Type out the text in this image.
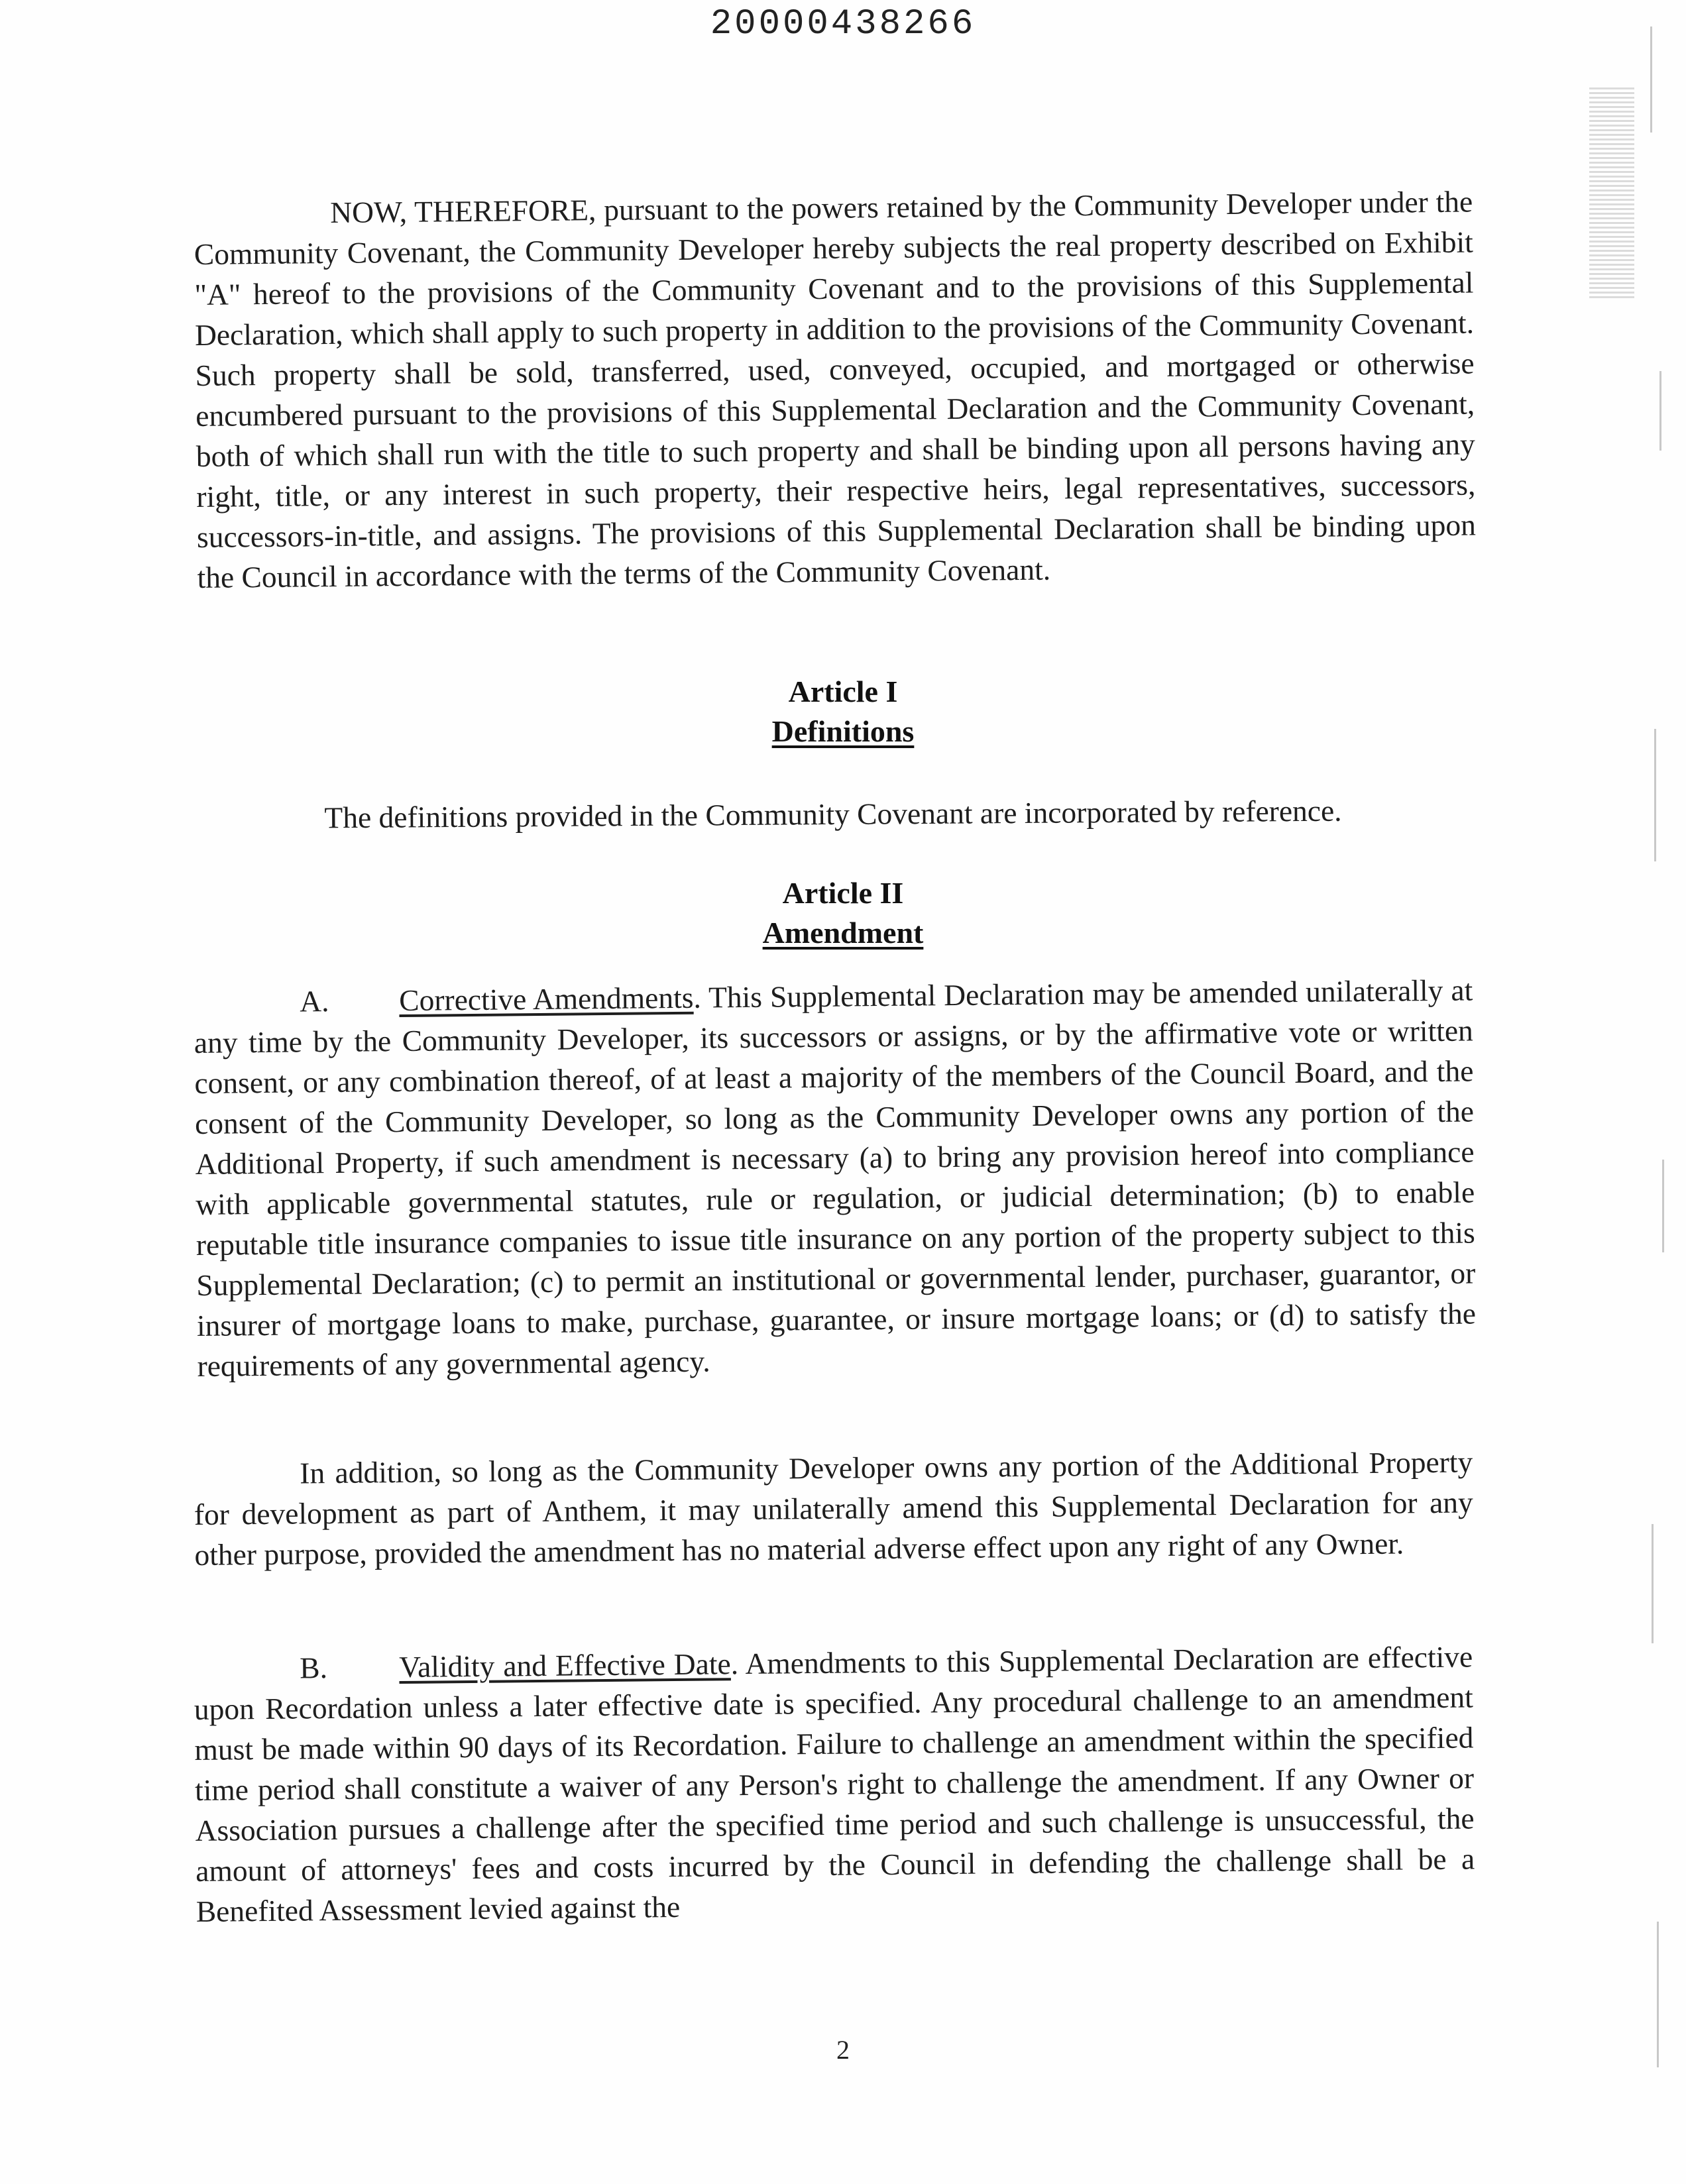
20000438266
NOW, THEREFORE, pursuant to the powers retained by the Community Developer under the Community Covenant, the Community Developer hereby subjects the real property described on Exhibit "A" hereof to the provisions of the Community Covenant and to the provisions of this Supplemental Declaration, which shall apply to such property in addition to the provisions of the Community Covenant. Such property shall be sold, transferred, used, conveyed, occupied, and mortgaged or otherwise encumbered pursuant to the provisions of this Supplemental Declaration and the Community Covenant, both of which shall run with the title to such property and shall be binding upon all persons having any right, title, or any interest in such property, their respective heirs, legal representatives, successors, successors-in-title, and assigns. The provisions of this Supplemental Declaration shall be binding upon the Council in accordance with the terms of the Community Covenant.
Article I
Definitions
The definitions provided in the Community Covenant are incorporated by reference.
Article II
Amendment
A. Corrective Amendments. This Supplemental Declaration may be amended unilaterally at any time by the Community Developer, its successors or assigns, or by the affirmative vote or written consent, or any combination thereof, of at least a majority of the members of the Council Board, and the consent of the Community Developer, so long as the Community Developer owns any portion of the Additional Property, if such amendment is necessary (a) to bring any provision hereof into compliance with applicable governmental statutes, rule or regulation, or judicial determination; (b) to enable reputable title insurance companies to issue title insurance on any portion of the property subject to this Supplemental Declaration; (c) to permit an institutional or governmental lender, purchaser, guarantor, or insurer of mortgage loans to make, purchase, guarantee, or insure mortgage loans; or (d) to satisfy the requirements of any governmental agency.
In addition, so long as the Community Developer owns any portion of the Additional Property for development as part of Anthem, it may unilaterally amend this Supplemental Declaration for any other purpose, provided the amendment has no material adverse effect upon any right of any Owner.
B. Validity and Effective Date. Amendments to this Supplemental Declaration are effective upon Recordation unless a later effective date is specified. Any procedural challenge to an amendment must be made within 90 days of its Recordation. Failure to challenge an amendment within the specified time period shall constitute a waiver of any Person's right to challenge the amendment. If any Owner or Association pursues a challenge after the specified time period and such challenge is unsuccessful, the amount of attorneys' fees and costs incurred by the Council in defending the challenge shall be a Benefited Assessment levied against the
2
